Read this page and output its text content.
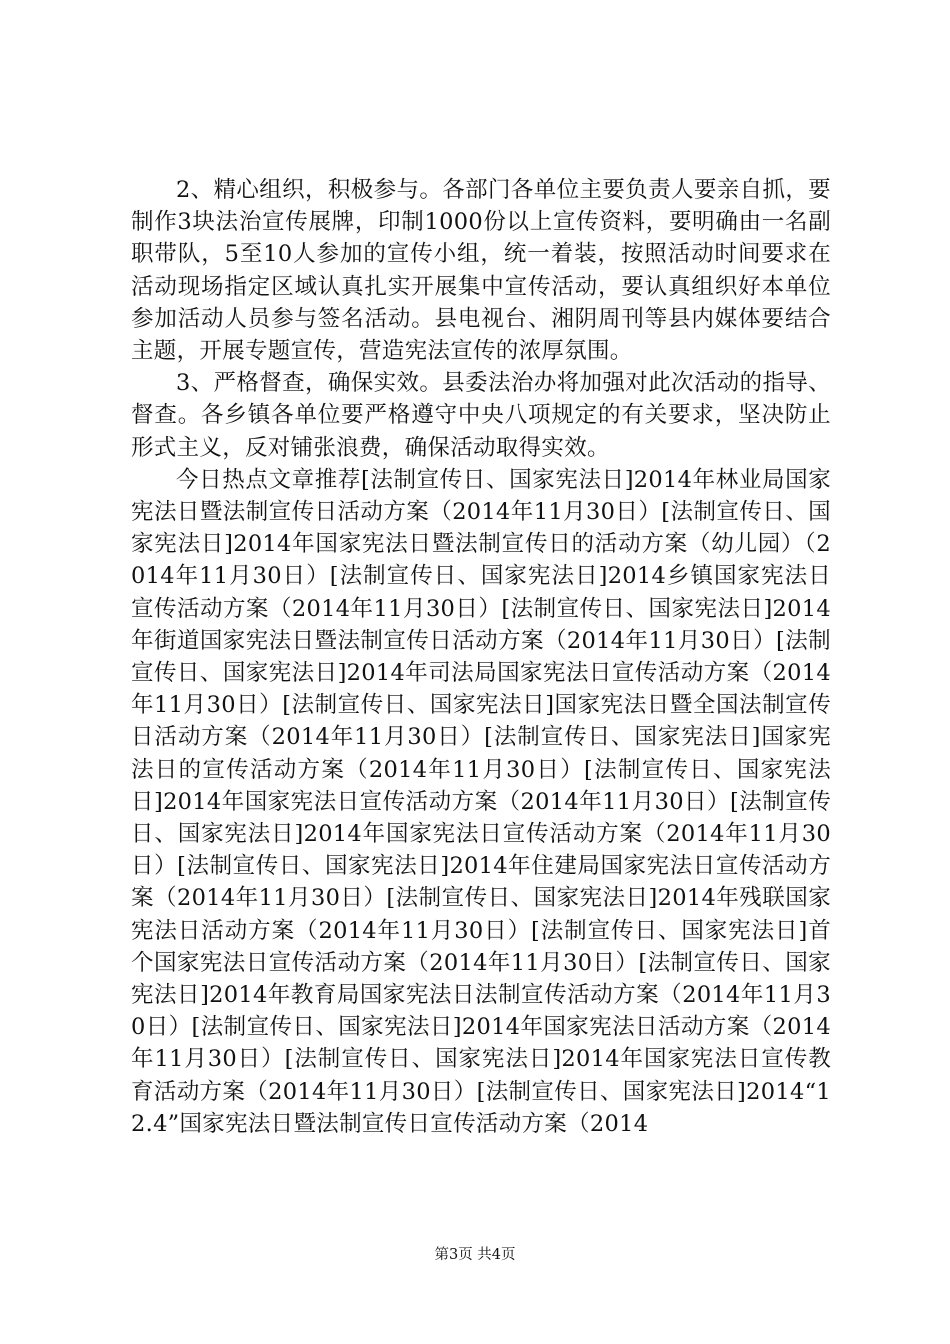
2、精心组织，积极参与。各部门各单位主要负责人要亲自抓，要制作3块法治宣传展牌，印制1000份以上宣传资料，要明确由一名副职带队，5至10人参加的宣传小组，统一着装，按照活动时间要求在活动现场指定区域认真扎实开展集中宣传活动，要认真组织好本单位参加活动人员参与签名活动。县电视台、湘阴周刊等县内媒体要结合主题，开展专题宣传，营造宪法宣传的浓厚氛围。

3、严格督查，确保实效。县委法治办将加强对此次活动的指导、督查。各乡镇各单位要严格遵守中央八项规定的有关要求，坚决防止形式主义，反对铺张浪费，确保活动取得实效。

今日热点文章推荐[法制宣传日、国家宪法日]2014年林业局国家宪法日暨法制宣传日活动方案（2014年11月30日）[法制宣传日、国家宪法日]2014年国家宪法日暨法制宣传日的活动方案（幼儿园）（2014年11月30日）[法制宣传日、国家宪法日]2014乡镇国家宪法日宣传活动方案（2014年11月30日）[法制宣传日、国家宪法日]2014年街道国家宪法日暨法制宣传日活动方案（2014年11月30日）[法制宣传日、国家宪法日]2014年司法局国家宪法日宣传活动方案（2014年11月30日）[法制宣传日、国家宪法日]国家宪法日暨全国法制宣传日活动方案（2014年11月30日）[法制宣传日、国家宪法日]国家宪法日的宣传活动方案（2014年11月30日）[法制宣传日、国家宪法日]2014年国家宪法日宣传活动方案（2014年11月30日）[法制宣传日、国家宪法日]2014年国家宪法日宣传活动方案（2014年11月30日）[法制宣传日、国家宪法日]2014年住建局国家宪法日宣传活动方案（2014年11月30日）[法制宣传日、国家宪法日]2014年残联国家宪法日活动方案（2014年11月30日）[法制宣传日、国家宪法日]首个国家宪法日宣传活动方案（2014年11月30日）[法制宣传日、国家宪法日]2014年教育局国家宪法日法制宣传活动方案（2014年11月30日）[法制宣传日、国家宪法日]2014年国家宪法日活动方案（2014年11月30日）[法制宣传日、国家宪法日]2014年国家宪法日宣传教育活动方案（2014年11月30日）[法制宣传日、国家宪法日]2014“12.4”国家宪法日暨法制宣传日宣传活动方案（2014

第3页 共4页
